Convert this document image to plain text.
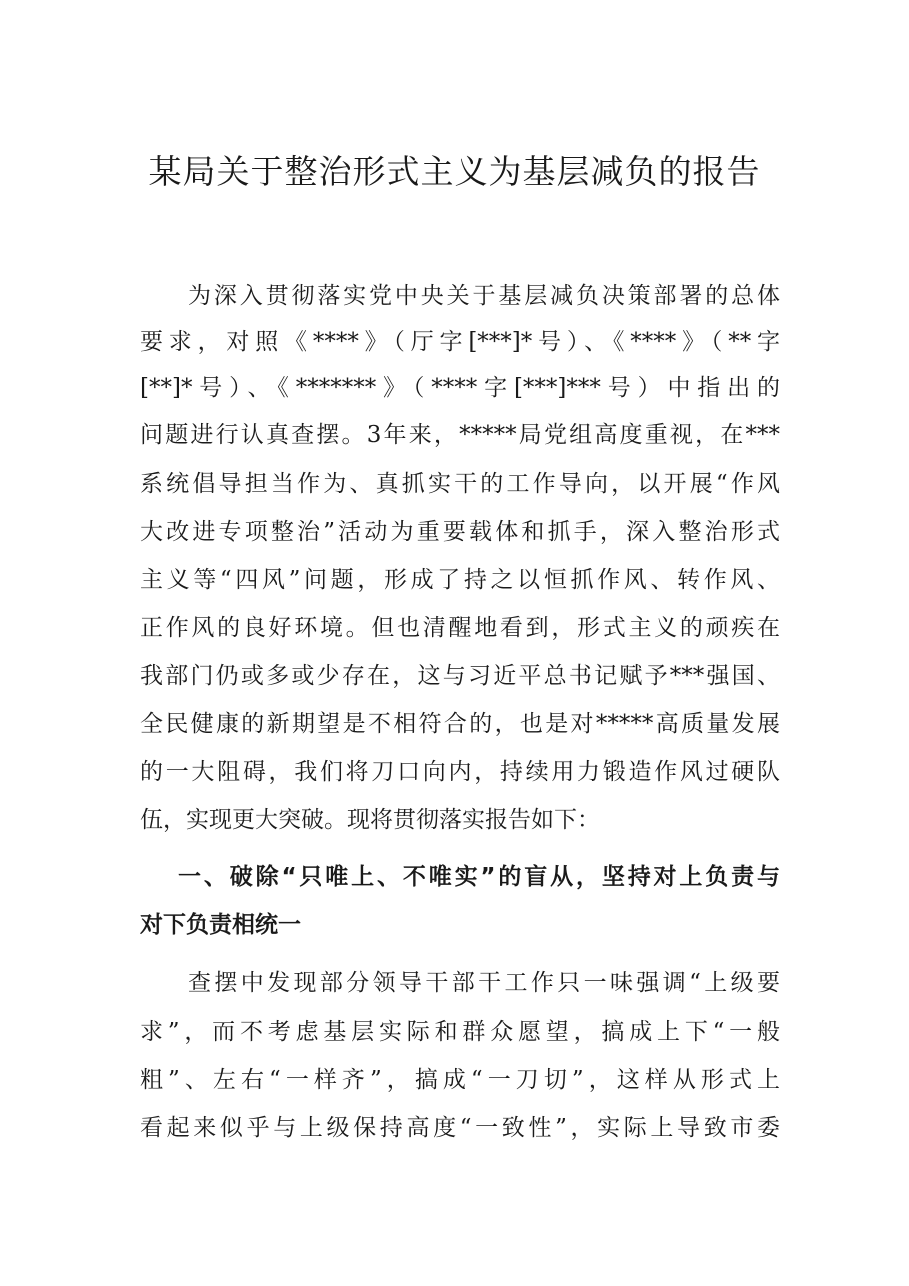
某局关于整治形式主义为基层减负的报告

为深入贯彻落实党中央关于基层减负决策部署的总体

要求，对照《****》（厅字[***]*号）、《****》（**字

[**]*号）、《*******》（****字[***]***号）中指出的

问题进行认真查摆。3年来，*****局党组高度重视，在***

系统倡导担当作为、真抓实干的工作导向，以开展“作风

大改进专项整治”活动为重要载体和抓手，深入整治形式

主义等“四风”问题，形成了持之以恒抓作风、转作风、

正作风的良好环境。但也清醒地看到，形式主义的顽疾在

我部门仍或多或少存在，这与习近平总书记赋予***强国、

全民健康的新期望是不相符合的，也是对*****高质量发展

的一大阻碍，我们将刀口向内，持续用力锻造作风过硬队

伍，实现更大突破。现将贯彻落实报告如下：

一、破除“只唯上、不唯实”的盲从，坚持对上负责与

对下负责相统一

查摆中发现部分领导干部干工作只一味强调“上级要

求”，而不考虑基层实际和群众愿望，搞成上下“一般

粗”、左右“一样齐”，搞成“一刀切”，这样从形式上

看起来似乎与上级保持高度“一致性”，实际上导致市委
